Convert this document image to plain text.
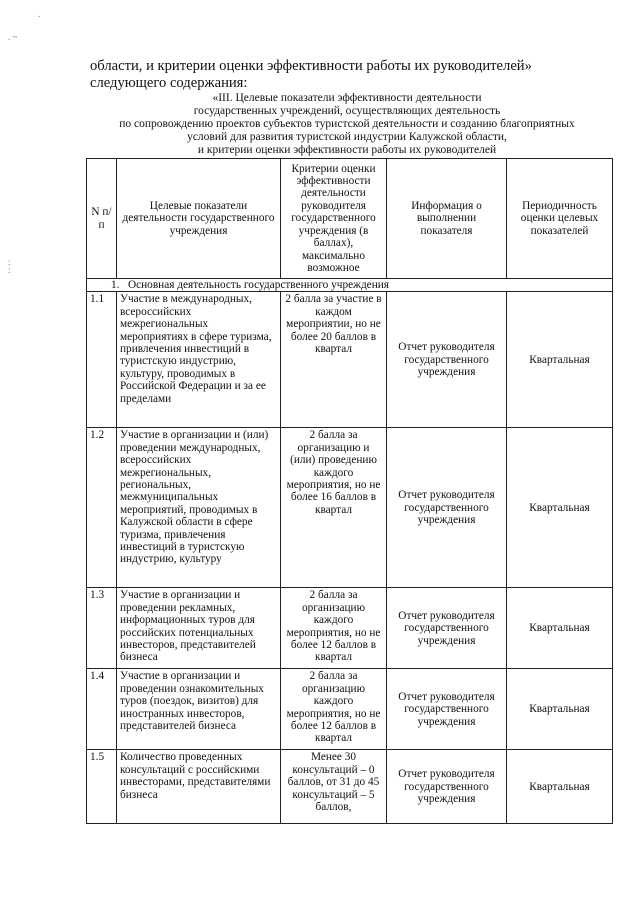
.
. ~
:
:

области, и критерии оценки эффективности работы их руководителей» следующего содержания:

«III. Целевые показатели эффективности деятельности
государственных учреждений, осуществляющих деятельность
по сопровождению проектов субъектов туристской деятельности и созданию благоприятных
условий для развития туристской индустрии Калужской области,
и критерии оценки эффективности работы их руководителей
N п/п	Целевые показатели деятельности государственного учреждения	Критерии оценки эффективности деятельности руководителя государственного учреждения (в баллах), максимально возможное	Информация о выполнении показателя	Периодичность оценки целевых показателей
1. Основная деятельность государственного учреждения				
1.1	Участие в международных, всероссийских межрегиональных мероприятиях в сфере туризма, привлечения инвестиций в туристскую индустрию, культуру, проводимых в Российской Федерации и за ее пределами	2 балла за участие в каждом мероприятии, но не более 20 баллов в квартал	Отчет руководителя государственного учреждения	Квартальная
1.2	Участие в организации и (или) проведении международных, всероссийских межрегиональных, региональных, межмуниципальных мероприятий, проводимых в Калужской области в сфере туризма, привлечения инвестиций в туристскую индустрию, культуру	2 балла за организацию и (или) проведению каждого мероприятия, но не более 16 баллов в квартал	Отчет руководителя государственного учреждения	Квартальная
1.3	Участие в организации и проведении рекламных, информационных туров для российских потенциальных инвесторов, представителей бизнеса	2 балла за организацию каждого мероприятия, но не более 12 баллов в квартал	Отчет руководителя государственного учреждения	Квартальная
1.4	Участие в организации и проведении ознакомительных туров (поездок, визитов) для иностранных инвесторов, представителей бизнеса	2 балла за организацию каждого мероприятия, но не более 12 баллов в квартал	Отчет руководителя государственного учреждения	Квартальная
1.5	Количество проведенных консультаций с российскими инвесторами, представителями бизнеса	Менее 30 консультаций – 0 баллов, от 31 до 45 консультаций – 5 баллов,	Отчет руководителя государственного учреждения	Квартальная
